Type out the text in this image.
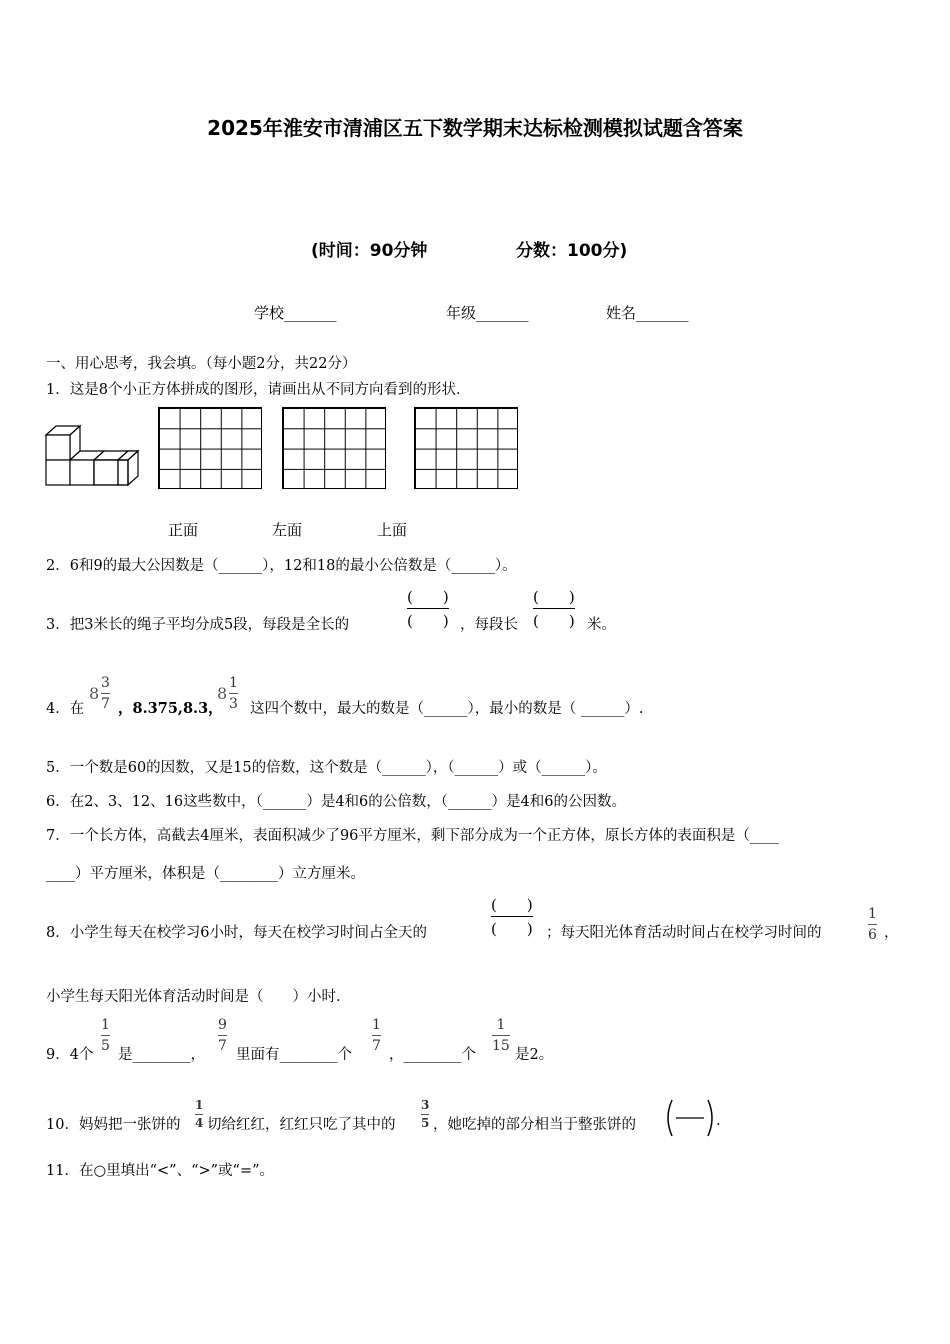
2025年淮安市清浦区五下数学期末达标检测模拟试题含答案
(时间：90分钟	分数：100分)
学校_______	年级_______	姓名_______
一、用心思考，我会填。（每小题2分，共22分）
1．这是8个小正方体拼成的图形，请画出从不同方向看到的形状．
正面	左面	上面
2．6和9的最大公因数是（______），12和18的最小公倍数是（______）。
3．把3米长的绳子平均分成5段，每段是全长的
(　　)
(　　) ，每段长
(　　)
(　　) 米。
4．在
8
3
7 ，8.375,8.3，
8
1
3 这四个数中，最大的数是（______），最小的数是（ ______）.
5．一个数是60的因数，又是15的倍数，这个数是（______），（______）或（______）。
6．在2、3、12、16这些数中，（______）是4和6的公倍数，（______）是4和6的公因数。
7．一个长方体，高截去4厘米，表面积减少了96平方厘米，剩下部分成为一个正方体，原长方体的表面积是（____
____）平方厘米，体积是（________）立方厘米。
8．小学生每天在校学习6小时，每天在校学习时间占全天的
(　　)
(　　) ；每天阳光体育活动时间占在校学习时间的
1
6 ，
小学生每天阳光体育活动时间是（　　）小时．
9．4个
1
5
是________，
9
7
里面有________个
1
7
，________个
1
15
是2。
10．妈妈把一张饼的
1
4 切给红红，红红只吃了其中的
3
5 ，她吃掉的部分相当于整张饼的	.
11．在○里填出“<”、“>”或“=”。
